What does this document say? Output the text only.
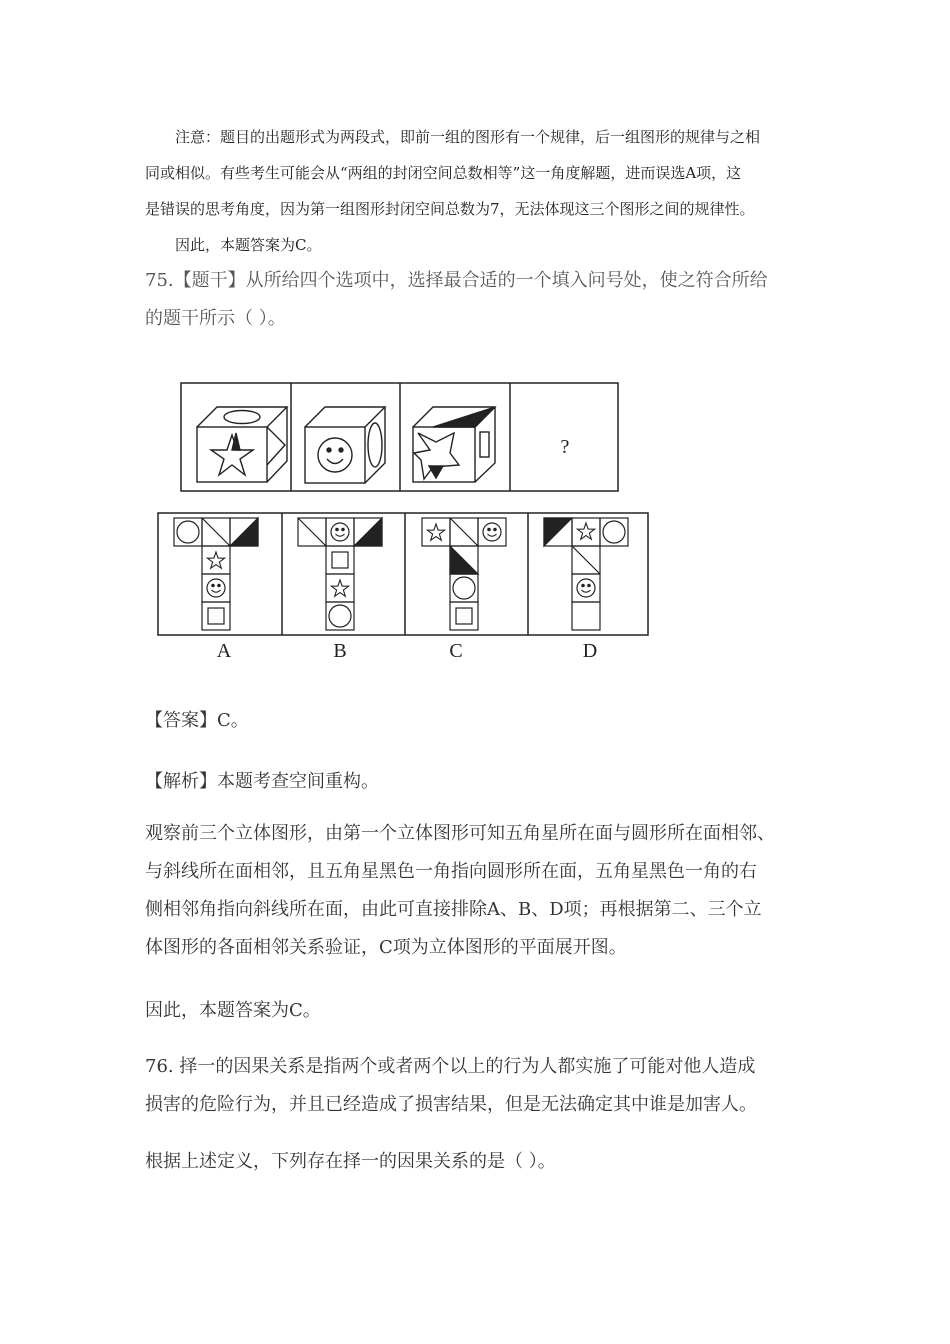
注意：题目的出题形式为两段式，即前一组的图形有一个规律，后一组图形的规律与之相
同或相似。有些考生可能会从“两组的封闭空间总数相等”这一角度解题，进而误选A项，这
是错误的思考角度，因为第一组图形封闭空间总数为7，无法体现这三个图形之间的规律性。
因此，本题答案为C。
75.【题干】从所给四个选项中，选择最合适的一个填入问号处，使之符合所给
的题干所示（ ）。
?
A	B	C	D
【答案】C。
【解析】本题考查空间重构。
观察前三个立体图形，由第一个立体图形可知五角星所在面与圆形所在面相邻、
与斜线所在面相邻，且五角星黑色一角指向圆形所在面，五角星黑色一角的右
侧相邻角指向斜线所在面，由此可直接排除A、B、D项；再根据第二、三个立
体图形的各面相邻关系验证，C项为立体图形的平面展开图。
因此，本题答案为C。
76. 择一的因果关系是指两个或者两个以上的行为人都实施了可能对他人造成
损害的危险行为，并且已经造成了损害结果，但是无法确定其中谁是加害人。
根据上述定义，下列存在择一的因果关系的是（ ）。
